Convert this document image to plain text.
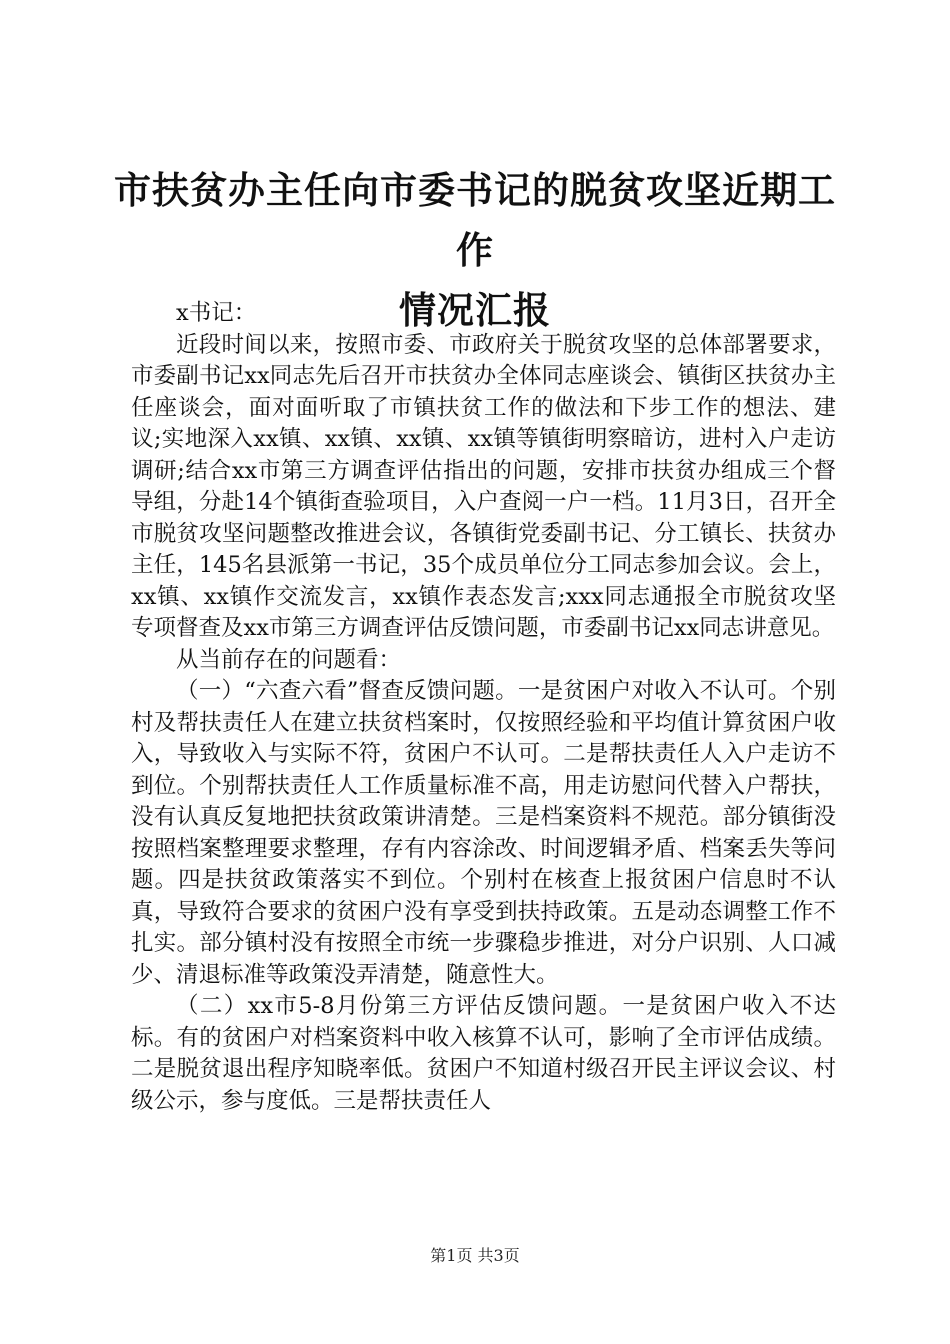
市扶贫办主任向市委书记的脱贫攻坚近期工作
情况汇报

x书记：

近段时间以来，按照市委、市政府关于脱贫攻坚的总体部署要求，市委副书记xx同志先后召开市扶贫办全体同志座谈会、镇街区扶贫办主任座谈会，面对面听取了市镇扶贫工作的做法和下步工作的想法、建议;实地深入xx镇、xx镇、xx镇、xx镇等镇街明察暗访，进村入户走访调研;结合xx市第三方调查评估指出的问题，安排市扶贫办组成三个督导组，分赴14个镇街查验项目，入户查阅一户一档。11月3日，召开全市脱贫攻坚问题整改推进会议，各镇街党委副书记、分工镇长、扶贫办主任，145名县派第一书记，35个成员单位分工同志参加会议。会上，xx镇、xx镇作交流发言，xx镇作表态发言;xxx同志通报全市脱贫攻坚专项督查及xx市第三方调查评估反馈问题，市委副书记xx同志讲意见。

从当前存在的问题看：

（一）“六查六看”督查反馈问题。一是贫困户对收入不认可。个别村及帮扶责任人在建立扶贫档案时，仅按照经验和平均值计算贫困户收入，导致收入与实际不符，贫困户不认可。二是帮扶责任人入户走访不到位。个别帮扶责任人工作质量标准不高，用走访慰问代替入户帮扶，没有认真反复地把扶贫政策讲清楚。三是档案资料不规范。部分镇街没按照档案整理要求整理，存有内容涂改、时间逻辑矛盾、档案丢失等问题。四是扶贫政策落实不到位。个别村在核查上报贫困户信息时不认真，导致符合要求的贫困户没有享受到扶持政策。五是动态调整工作不扎实。部分镇村没有按照全市统一步骤稳步推进，对分户识别、人口减少、清退标准等政策没弄清楚，随意性大。

（二）xx市5-8月份第三方评估反馈问题。一是贫困户收入不达标。有的贫困户对档案资料中收入核算不认可，影响了全市评估成绩。二是脱贫退出程序知晓率低。贫困户不知道村级召开民主评议会议、村级公示，参与度低。三是帮扶责任人

第1页 共3页
